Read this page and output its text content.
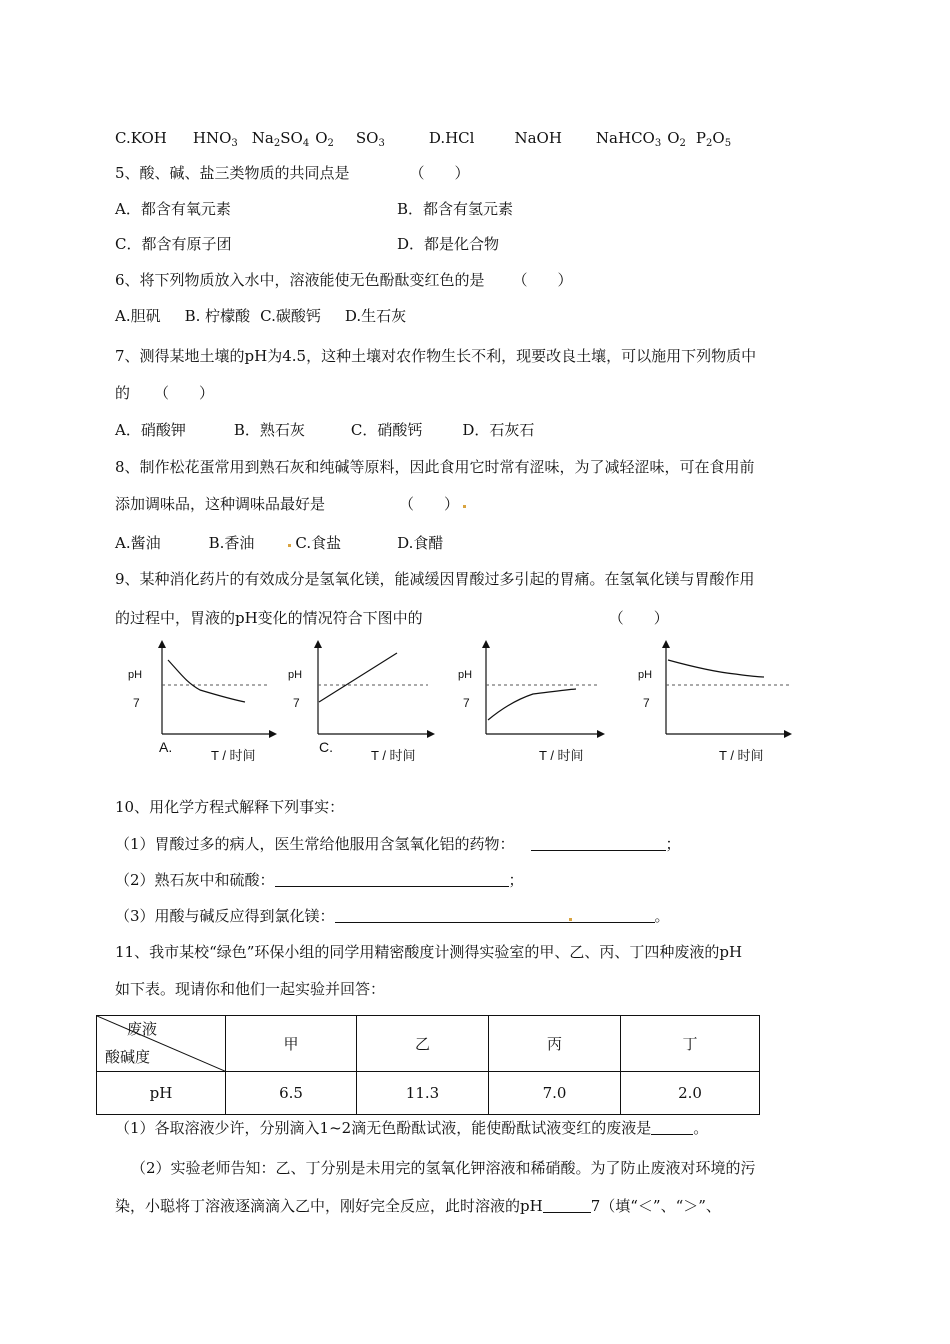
C.KOH $HNO_3$ $Na_2SO_4$ $O_2$ $SO_3$	D.HCl	NaOH NaHCO$_3$ $O_2$ $P_2O_5$
5、酸、碱、盐三类物质的共同点是	（　　）
A．都含有氧元素	B．都含有氢元素
C．都含有原子团	D．都是化合物
6、将下列物质放入水中，溶液能使无色酚酞变红色的是 （　　）
A.胆矾 B. 柠檬酸 C.碳酸钙 D.生石灰
7、测得某地土壤的pH为4.5，这种土壤对农作物生长不利，现要改良土壤，可以施用下列物质中
的 （　　）
A．硝酸钾	B．熟石灰	C．硝酸钙	D．石灰石
8、制作松花蛋常用到熟石灰和纯碱等原料，因此食用它时常有涩味，为了减轻涩味，可在食用前
添加调味品，这种调味品最好是	（　　）
A.酱油	B.香油	C.食盐	D.食醋
9、某种消化药片的有效成分是氢氧化镁，能减缓因胃酸过多引起的胃痛。在氢氧化镁与胃酸作用
的过程中，胃液的pH变化的情况符合下图中的	（　　）
pH
7
A.
T / 时间
pH
7
C.
T / 时间
pH
7
T / 时间
pH
7
T / 时间
10、用化学方程式解释下列事实：
（1）胃酸过多的病人，医生常给他服用含氢氧化铝的药物：	；
（2）熟石灰中和硫酸：	；
（3）用酸与碱反应得到氯化镁：	。
11、我市某校“绿色”环保小组的同学用精密酸度计测得实验室的甲、乙、丙、丁四种废液的pH
如下表。现请你和他们一起实验并回答：
废液
酸碱度	甲	乙	丙	丁
pH	6.5	11.3	7.0	2.0
（1）各取溶液少许，分别滴入1~2滴无色酚酞试液，能使酚酞试液变红的废液是	。
（2）实验老师告知：乙、丁分别是未用完的氢氧化钾溶液和稀硝酸。为了防止废液对环境的污
染，小聪将丁溶液逐滴滴入乙中，刚好完全反应，此时溶液的pH	7（填“＜”、“＞”、
